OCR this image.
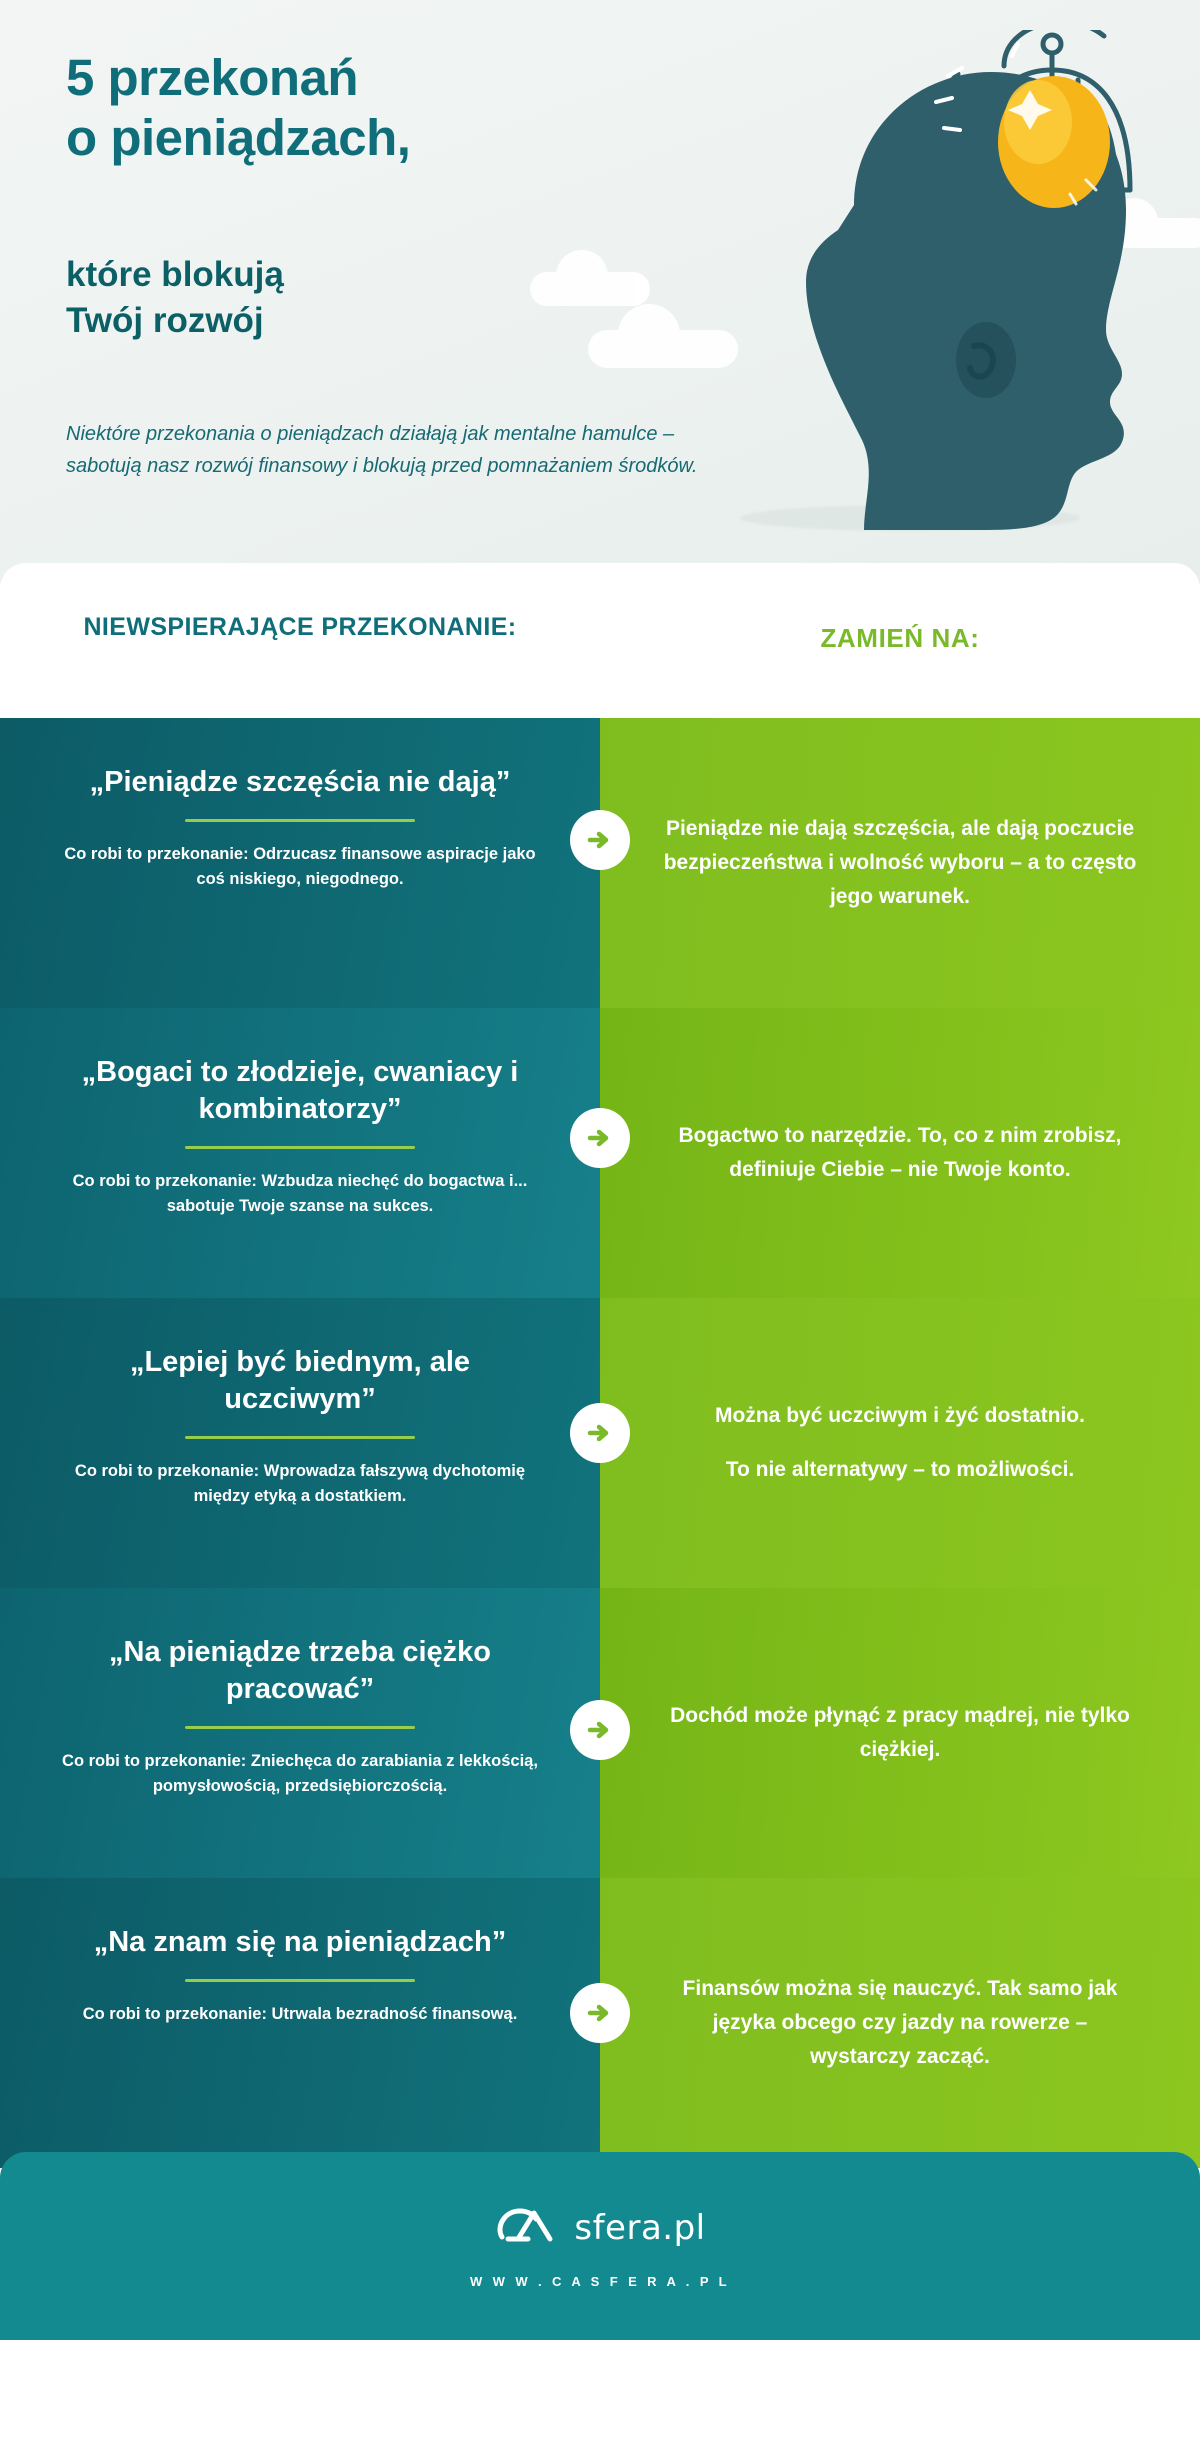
5 przekonań
o pieniądzach,
które blokują
Twój rozwój
Niektóre przekonania o pieniądzach działają jak mentalne hamulce – sabotują nasz rozwój finansowy i blokują przed pomnażaniem środków.
NIEWSPIERAJĄCE PRZEKONANIE:	ZAMIEŃ NA:
„Pieniądze szczęścia nie dają”
Co robi to przekonanie: Odrzucasz finansowe aspiracje jako coś niskiego, niegodnego.
Pieniądze nie dają szczęścia, ale dają poczucie bezpieczeństwa i wolność wyboru – a to często jego warunek.
„Bogaci to złodzieje, cwaniacy i kombinatorzy”
Co robi to przekonanie: Wzbudza niechęć do bogactwa i... sabotuje Twoje szanse na sukces.
Bogactwo to narzędzie. To, co z nim zrobisz, definiuje Ciebie – nie Twoje konto.
„Lepiej być biednym, ale uczciwym”
Co robi to przekonanie: Wprowadza fałszywą dychotomię między etyką a dostatkiem.
Można być uczciwym i żyć dostatnio.
To nie alternatywy – to możliwości.
„Na pieniądze trzeba ciężko pracować”
Co robi to przekonanie: Zniechęca do zarabiania z lekkością, pomysłowością, przedsiębiorczością.
Dochód może płynąć z pracy mądrej, nie tylko ciężkiej.
„Na znam się na pieniądzach”
Co robi to przekonanie: Utrwala bezradność finansową.
Finansów można się nauczyć. Tak samo jak języka obcego czy jazdy na rowerze – wystarczy zacząć.
sfera.pl
W W W . C A S F E R A . P L
